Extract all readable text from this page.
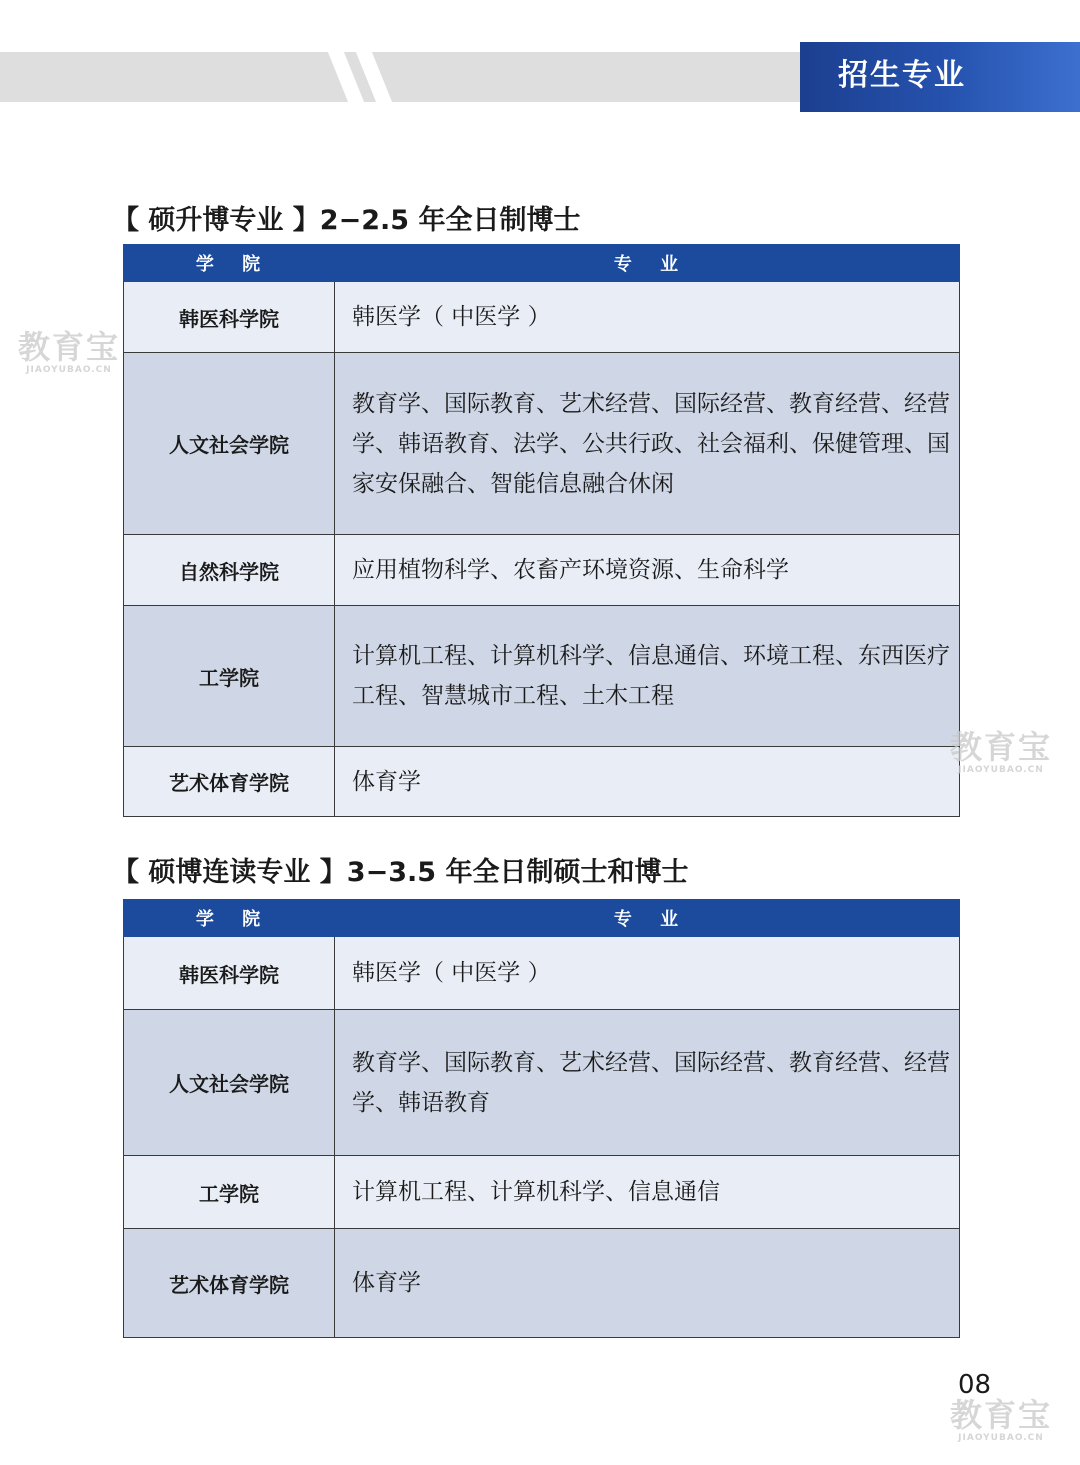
招生专业
【 硕升博专业 】2−2.5 年全日制博士
学 院	专 业
韩医科学院	韩医学（ 中医学 ）
人文社会学院	教育学、国际教育、艺术经营、国际经营、教育经营、经营学、韩语教育、法学、公共行政、社会福利、保健管理、国家安保融合、智能信息融合休闲
自然科学院	应用植物科学、农畜产环境资源、生命科学
工学院	计算机工程、计算机科学、信息通信、环境工程、东西医疗工程、智慧城市工程、土木工程
艺术体育学院	体育学
【 硕博连读专业 】3−3.5 年全日制硕士和博士
学 院	专 业
韩医科学院	韩医学（ 中医学 ）
人文社会学院	教育学、国际教育、艺术经营、国际经营、教育经营、经营学、韩语教育
工学院	计算机工程、计算机科学、信息通信
艺术体育学院	体育学
教育宝
JIAOYUBAO.CN
教育宝
JIAOYUBAO.CN
教育宝
JIAOYUBAO.CN
08
